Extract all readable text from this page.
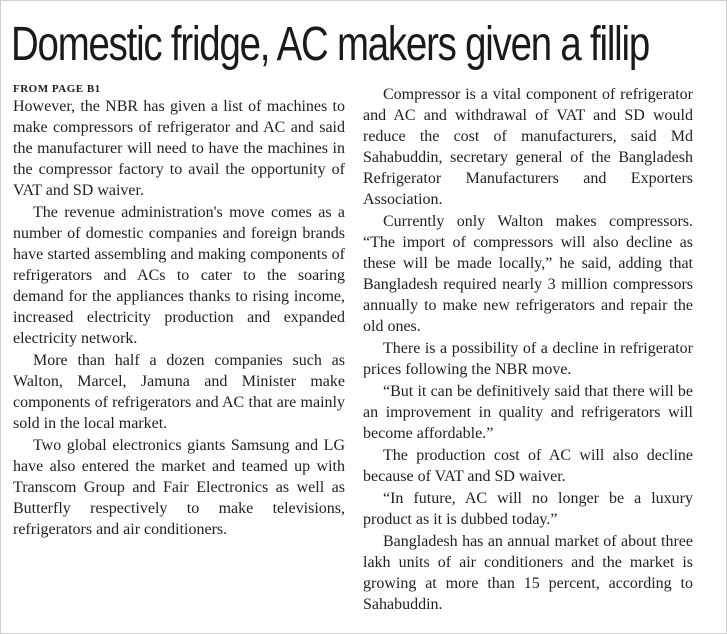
Domestic fridge, AC makers given a fillip
FROM PAGE B1

However, the NBR has given a list of machines to make compressors of refrigerator and AC and said the manufacturer will need to have the machines in the compressor factory to avail the opportunity of VAT and SD waiver.

The revenue administration's move comes as a number of domestic companies and foreign brands have started assembling and making components of refrigerators and ACs to cater to the soaring demand for the appliances thanks to rising income, increased electricity production and expanded electricity network.

More than half a dozen companies such as Walton, Marcel, Jamuna and Minister make components of refrigerators and AC that are mainly sold in the local market.

Two global electronics giants Samsung and LG have also entered the market and teamed up with Transcom Group and Fair Electronics as well as Butterfly respectively to make televisions, refrigerators and air conditioners.

Compressor is a vital component of refrigerator and AC and withdrawal of VAT and SD would reduce the cost of manufacturers, said Md Sahabuddin, secretary general of the Bangladesh Refrigerator Manufacturers and Exporters Association.

Currently only Walton makes compressors. “The import of compressors will also decline as these will be made locally,” he said, adding that Bangladesh required nearly 3 million compressors annually to make new refrigerators and repair the old ones.

There is a possibility of a decline in refrigerator prices following the NBR move.

“But it can be definitively said that there will be an improvement in quality and refrigerators will become affordable.”

The production cost of AC will also decline because of VAT and SD waiver.

“In future, AC will no longer be a luxury product as it is dubbed today.”

Bangladesh has an annual market of about three lakh units of air conditioners and the market is growing at more than 15 percent, according to Sahabuddin.
